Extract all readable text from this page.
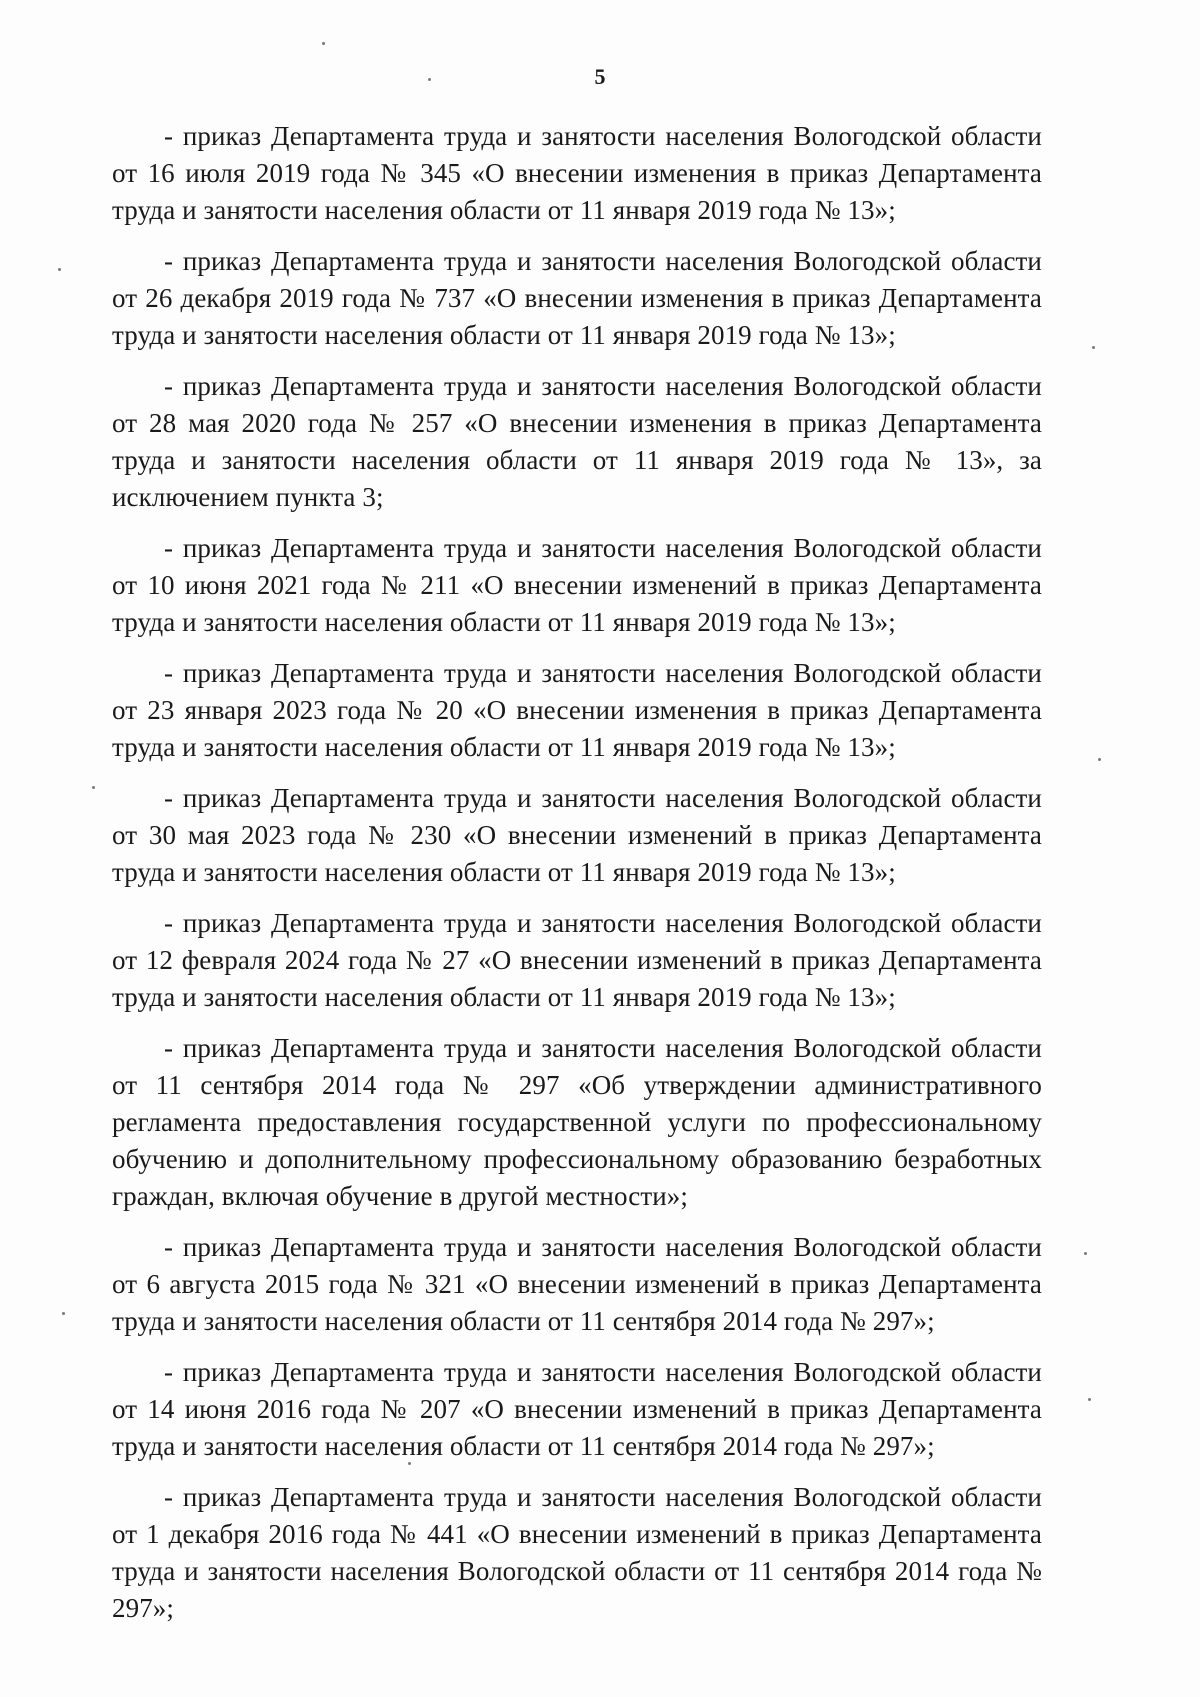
5

- приказ Департамента труда и занятости населения Вологодской области от 16 июля 2019 года № 345 «О внесении изменения в приказ Департамента труда и занятости населения области от 11 января 2019 года № 13»;

- приказ Департамента труда и занятости населения Вологодской области от 26 декабря 2019 года № 737 «О внесении изменения в приказ Департамента труда и занятости населения области от 11 января 2019 года № 13»;

- приказ Департамента труда и занятости населения Вологодской области от 28 мая 2020 года № 257 «О внесении изменения в приказ Департамента труда и занятости населения области от 11 января 2019 года № 13», за исключением пункта 3;

- приказ Департамента труда и занятости населения Вологодской области от 10 июня 2021 года № 211 «О внесении изменений в приказ Департамента труда и занятости населения области от 11 января 2019 года № 13»;

- приказ Департамента труда и занятости населения Вологодской области от 23 января 2023 года № 20 «О внесении изменения в приказ Департамента труда и занятости населения области от 11 января 2019 года № 13»;

- приказ Департамента труда и занятости населения Вологодской области от 30 мая 2023 года № 230 «О внесении изменений в приказ Департамента труда и занятости населения области от 11 января 2019 года № 13»;

- приказ Департамента труда и занятости населения Вологодской области от 12 февраля 2024 года № 27 «О внесении изменений в приказ Департамента труда и занятости населения области от 11 января 2019 года № 13»;

- приказ Департамента труда и занятости населения Вологодской области от 11 сентября 2014 года № 297 «Об утверждении административного регламента предоставления государственной услуги по профессиональному обучению и дополнительному профессиональному образованию безработных граждан, включая обучение в другой местности»;

- приказ Департамента труда и занятости населения Вологодской области от 6 августа 2015 года № 321 «О внесении изменений в приказ Департамента труда и занятости населения области от 11 сентября 2014 года № 297»;

- приказ Департамента труда и занятости населения Вологодской области от 14 июня 2016 года № 207 «О внесении изменений в приказ Департамента труда и занятости населения области от 11 сентября 2014 года № 297»;

- приказ Департамента труда и занятости населения Вологодской области от 1 декабря 2016 года № 441 «О внесении изменений в приказ Департамента труда и занятости населения Вологодской области от 11 сентября 2014 года № 297»;
